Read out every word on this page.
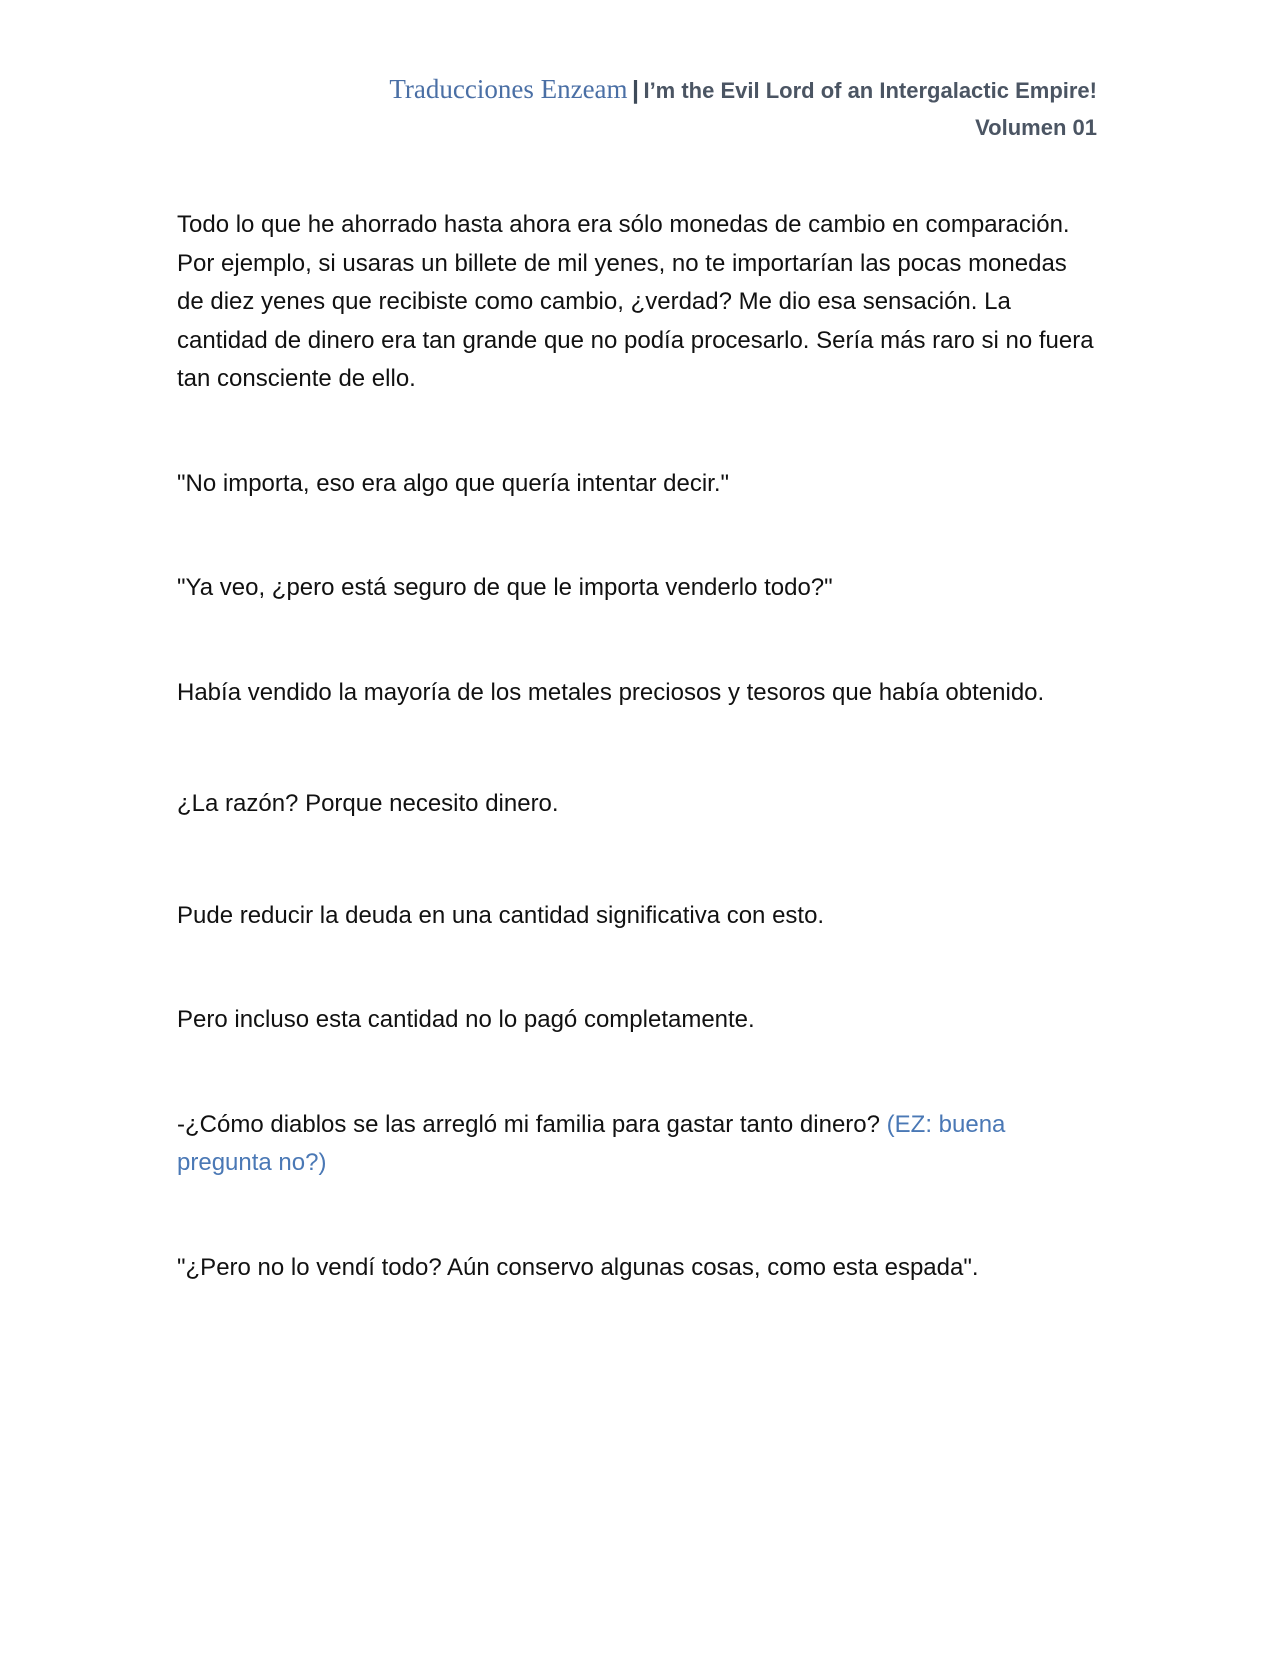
Traducciones Enzeam | I’m the Evil Lord of an Intergalactic Empire!
Volumen 01

Todo lo que he ahorrado hasta ahora era sólo monedas de cambio en comparación. Por ejemplo, si usaras un billete de mil yenes, no te importarían las pocas monedas de diez yenes que recibiste como cambio, ¿verdad? Me dio esa sensación. La cantidad de dinero era tan grande que no podía procesarlo. Sería más raro si no fuera tan consciente de ello.

"No importa, eso era algo que quería intentar decir."

"Ya veo, ¿pero está seguro de que le importa venderlo todo?"

Había vendido la mayoría de los metales preciosos y tesoros que había obtenido.

¿La razón? Porque necesito dinero.

Pude reducir la deuda en una cantidad significativa con esto.

Pero incluso esta cantidad no lo pagó completamente.

-¿Cómo diablos se las arregló mi familia para gastar tanto dinero? (EZ: buena pregunta no?)

"¿Pero no lo vendí todo? Aún conservo algunas cosas, como esta espada".
